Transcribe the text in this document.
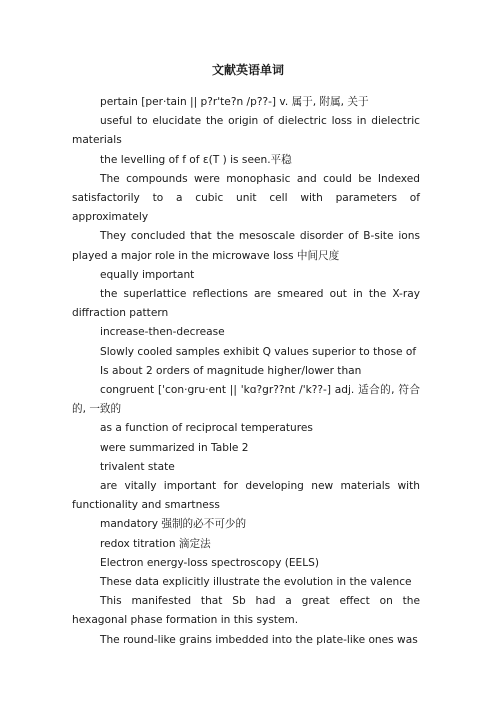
文献英语单词

pertain [per·tain || p?r'te?n /p??-] v. 属于, 附属, 关于

useful to elucidate the origin of dielectric loss in dielectric materials

the levelling of f of ε(T ) is seen.平稳

The compounds were monophasic and could be Indexed satisfactorily to a cubic unit cell with parameters of approximately

They concluded that the mesoscale disorder of B-site ions played a major role in the microwave loss 中间尺度

equally important

the superlattice reflections are smeared out in the X-ray diffraction pattern

increase-then-decrease

Slowly cooled samples exhibit Q values superior to those of

Is about 2 orders of magnitude higher/lower than

congruent ['con·gru·ent || 'kɑ?gr??nt /'k??-] adj. 适合的, 符合的, 一致的

as a function of reciprocal temperatures

were summarized in Table 2

trivalent state

are vitally important for developing new materials with functionality and smartness

mandatory 强制的必不可少的

redox titration 滴定法

Electron energy-loss spectroscopy (EELS)

These data explicitly illustrate the evolution in the valence

This manifested that Sb had a great effect on the hexagonal phase formation in this system.

The round-like grains imbedded into the plate-like ones was
